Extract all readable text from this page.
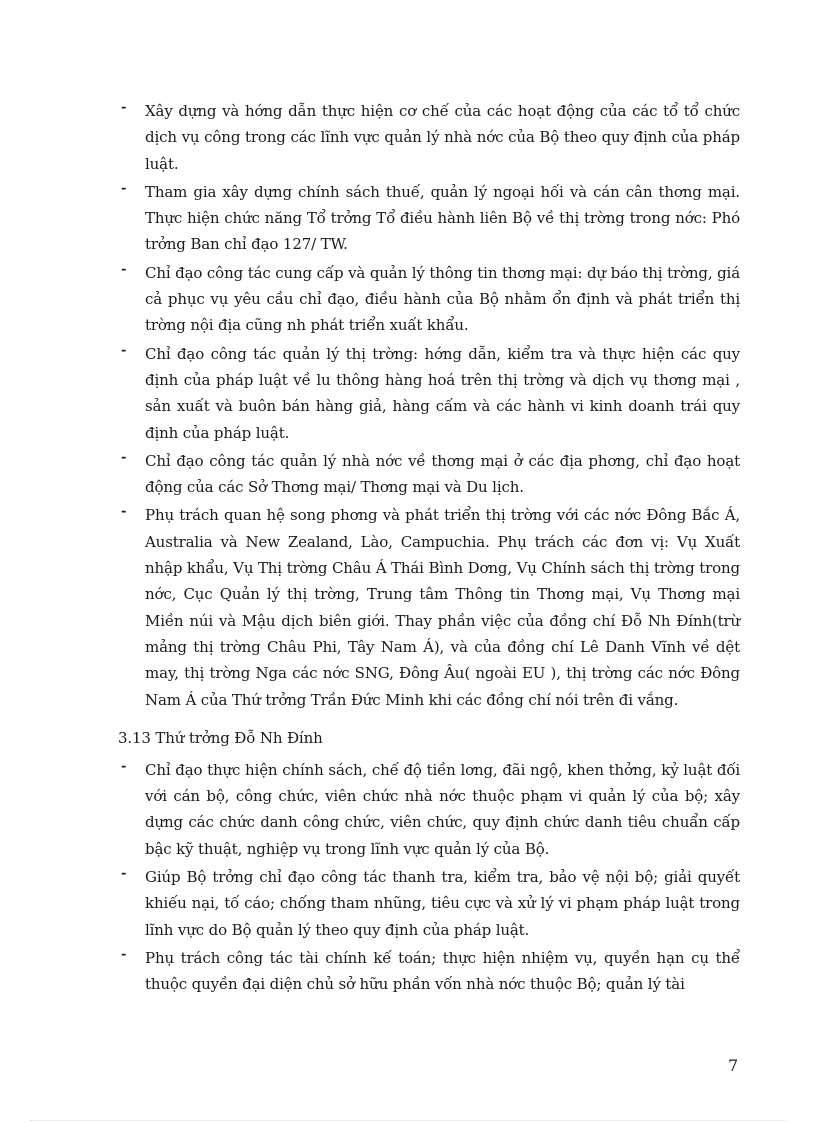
- Xây dựng và hớng dẫn thực hiện cơ chế của các hoạt động của các tổ tổ chức dịch vụ công trong các lĩnh vực quản lý nhà nớc của Bộ theo quy định của pháp luật.
- Tham gia xây dựng chính sách thuế, quản lý ngoại hối và cán cân thơng mại. Thực hiện chức năng Tổ trởng Tổ điều hành liên Bộ về thị trờng trong nớc: Phó trởng Ban chỉ đạo 127/ TW.
- Chỉ đạo công tác cung cấp và quản lý thông tin thơng mại: dự báo thị trờng, giá cả phục vụ yêu cầu chỉ đạo, điều hành của Bộ nhằm ổn định và phát triển thị trờng nội địa cũng nh phát triển xuất khẩu.
- Chỉ đạo công tác quản lý thị trờng: hớng dẫn, kiểm tra và thực hiện các quy định của pháp luật về lu thông hàng hoá trên thị trờng và dịch vụ thơng mại , sản xuất và buôn bán hàng giả, hàng cấm và các hành vi kinh doanh trái quy định của pháp luật.
- Chỉ đạo công tác quản lý nhà nớc về thơng mại ở các địa phơng, chỉ đạo hoạt động của các Sở Thơng mại/ Thơng mại và Du lịch.
- Phụ trách quan hệ song phơng và phát triển thị trờng với các nớc Đông Bắc Á, Australia và New Zealand, Lào, Campuchia. Phụ trách các đơn vị: Vụ Xuất nhập khẩu, Vụ Thị trờng Châu Á Thái Bình Dơng, Vụ Chính sách thị trờng trong nớc, Cục Quản lý thị trờng, Trung tâm Thông tin Thơng mại, Vụ Thơng mại Miền núi và Mậu dịch biên giới. Thay phần việc của đồng chí Đỗ Nh Đính(trừ mảng thị trờng Châu Phi, Tây Nam Á), và của đồng chí Lê Danh Vĩnh về dệt may, thị trờng Nga các nớc SNG, Đông Âu( ngoài EU ), thị trờng các nớc Đông Nam Á của Thứ trởng Trần Đức Minh khi các đồng chí nói trên đi vắng.
3.13 Thứ trởng Đỗ Nh Đính
- Chỉ đạo thực hiện chính sách, chế độ tiền lơng, đãi ngộ, khen thởng, kỷ luật đối với cán bộ, công chức, viên chức nhà nớc thuộc phạm vi quản lý của bộ; xây dựng các chức danh công chức, viên chức, quy định chức danh tiêu chuẩn cấp bậc kỹ thuật, nghiệp vụ trong lĩnh vực quản lý của Bộ.
- Giúp Bộ trởng chỉ đạo công tác thanh tra, kiểm tra, bảo vệ nội bộ; giải quyết khiếu nại, tố cáo; chống tham nhũng, tiêu cực và xử lý vi phạm pháp luật trong lĩnh vực do Bộ quản lý theo quy định của pháp luật.
- Phụ trách công tác tài chính kế toán; thực hiện nhiệm vụ, quyền hạn cụ thể thuộc quyền đại diện chủ sở hữu phần vốn nhà nớc thuộc Bộ; quản lý tài
7
